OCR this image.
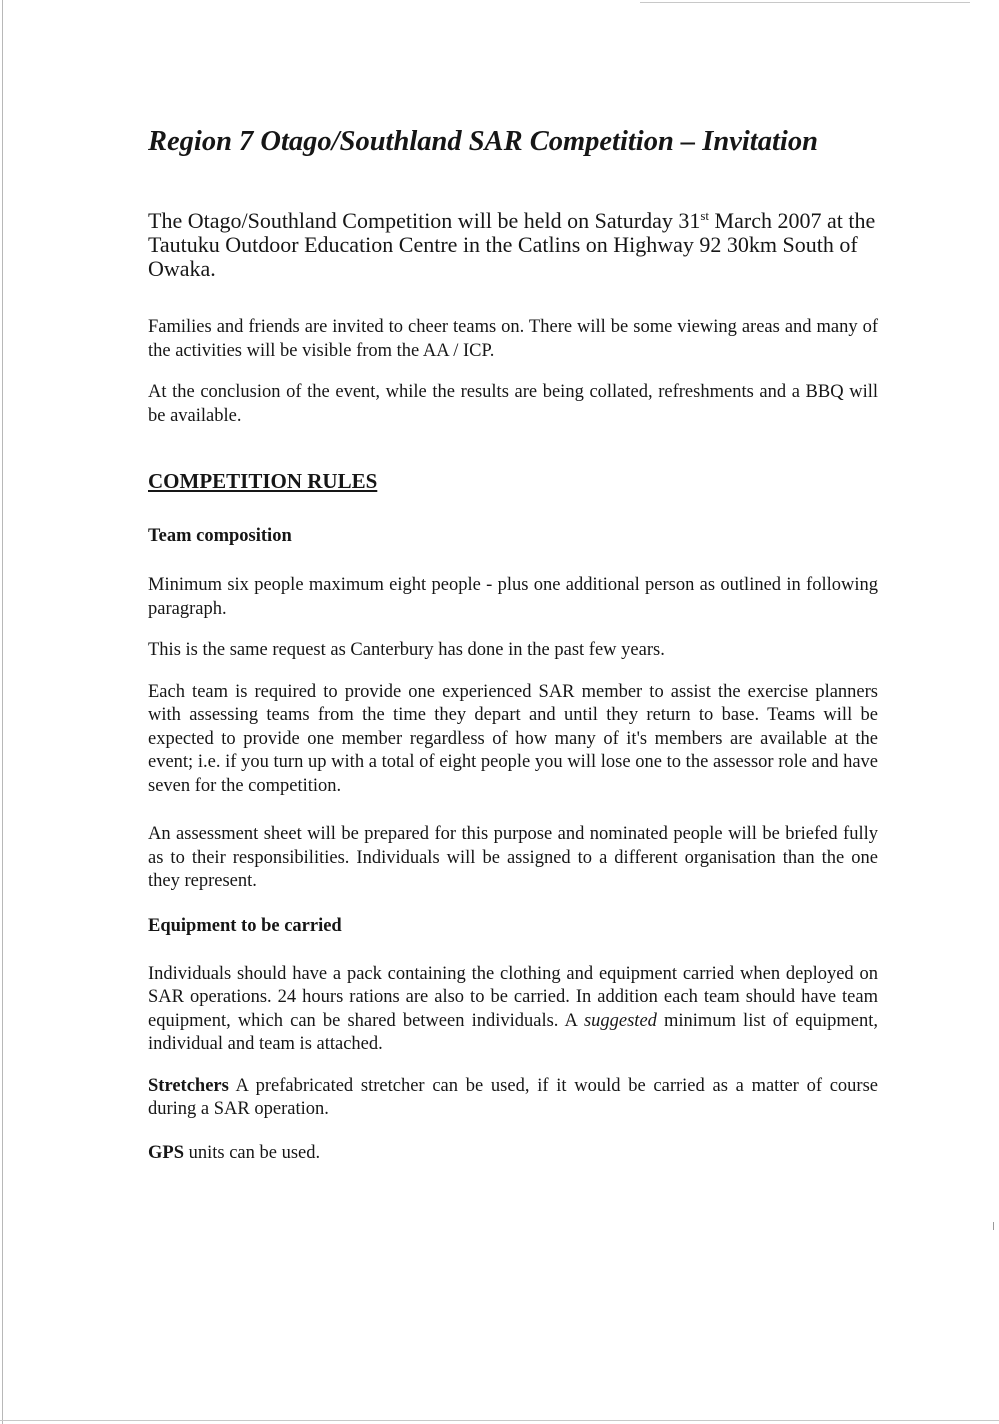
Region 7 Otago/Southland SAR Competition – Invitation

The Otago/Southland Competition will be held on Saturday 31st March 2007 at the Tautuku Outdoor Education Centre in the Catlins on Highway 92 30km South of Owaka.

Families and friends are invited to cheer teams on. There will be some viewing areas and many of the activities will be visible from the AA / ICP.

At the conclusion of the event, while the results are being collated, refreshments and a BBQ will be available.

COMPETITION RULES
Team composition

Minimum six people maximum eight people - plus one additional person as outlined in following paragraph.

This is the same request as Canterbury has done in the past few years.

Each team is required to provide one experienced SAR member to assist the exercise planners with assessing teams from the time they depart and until they return to base. Teams will be expected to provide one member regardless of how many of it's members are available at the event; i.e. if you turn up with a total of eight people you will lose one to the assessor role and have seven for the competition.

An assessment sheet will be prepared for this purpose and nominated people will be briefed fully as to their responsibilities. Individuals will be assigned to a different organisation than the one they represent.

Equipment to be carried

Individuals should have a pack containing the clothing and equipment carried when deployed on SAR operations. 24 hours rations are also to be carried. In addition each team should have team equipment, which can be shared between individuals. A suggested minimum list of equipment, individual and team is attached.

Stretchers A prefabricated stretcher can be used, if it would be carried as a matter of course during a SAR operation.

GPS units can be used.
